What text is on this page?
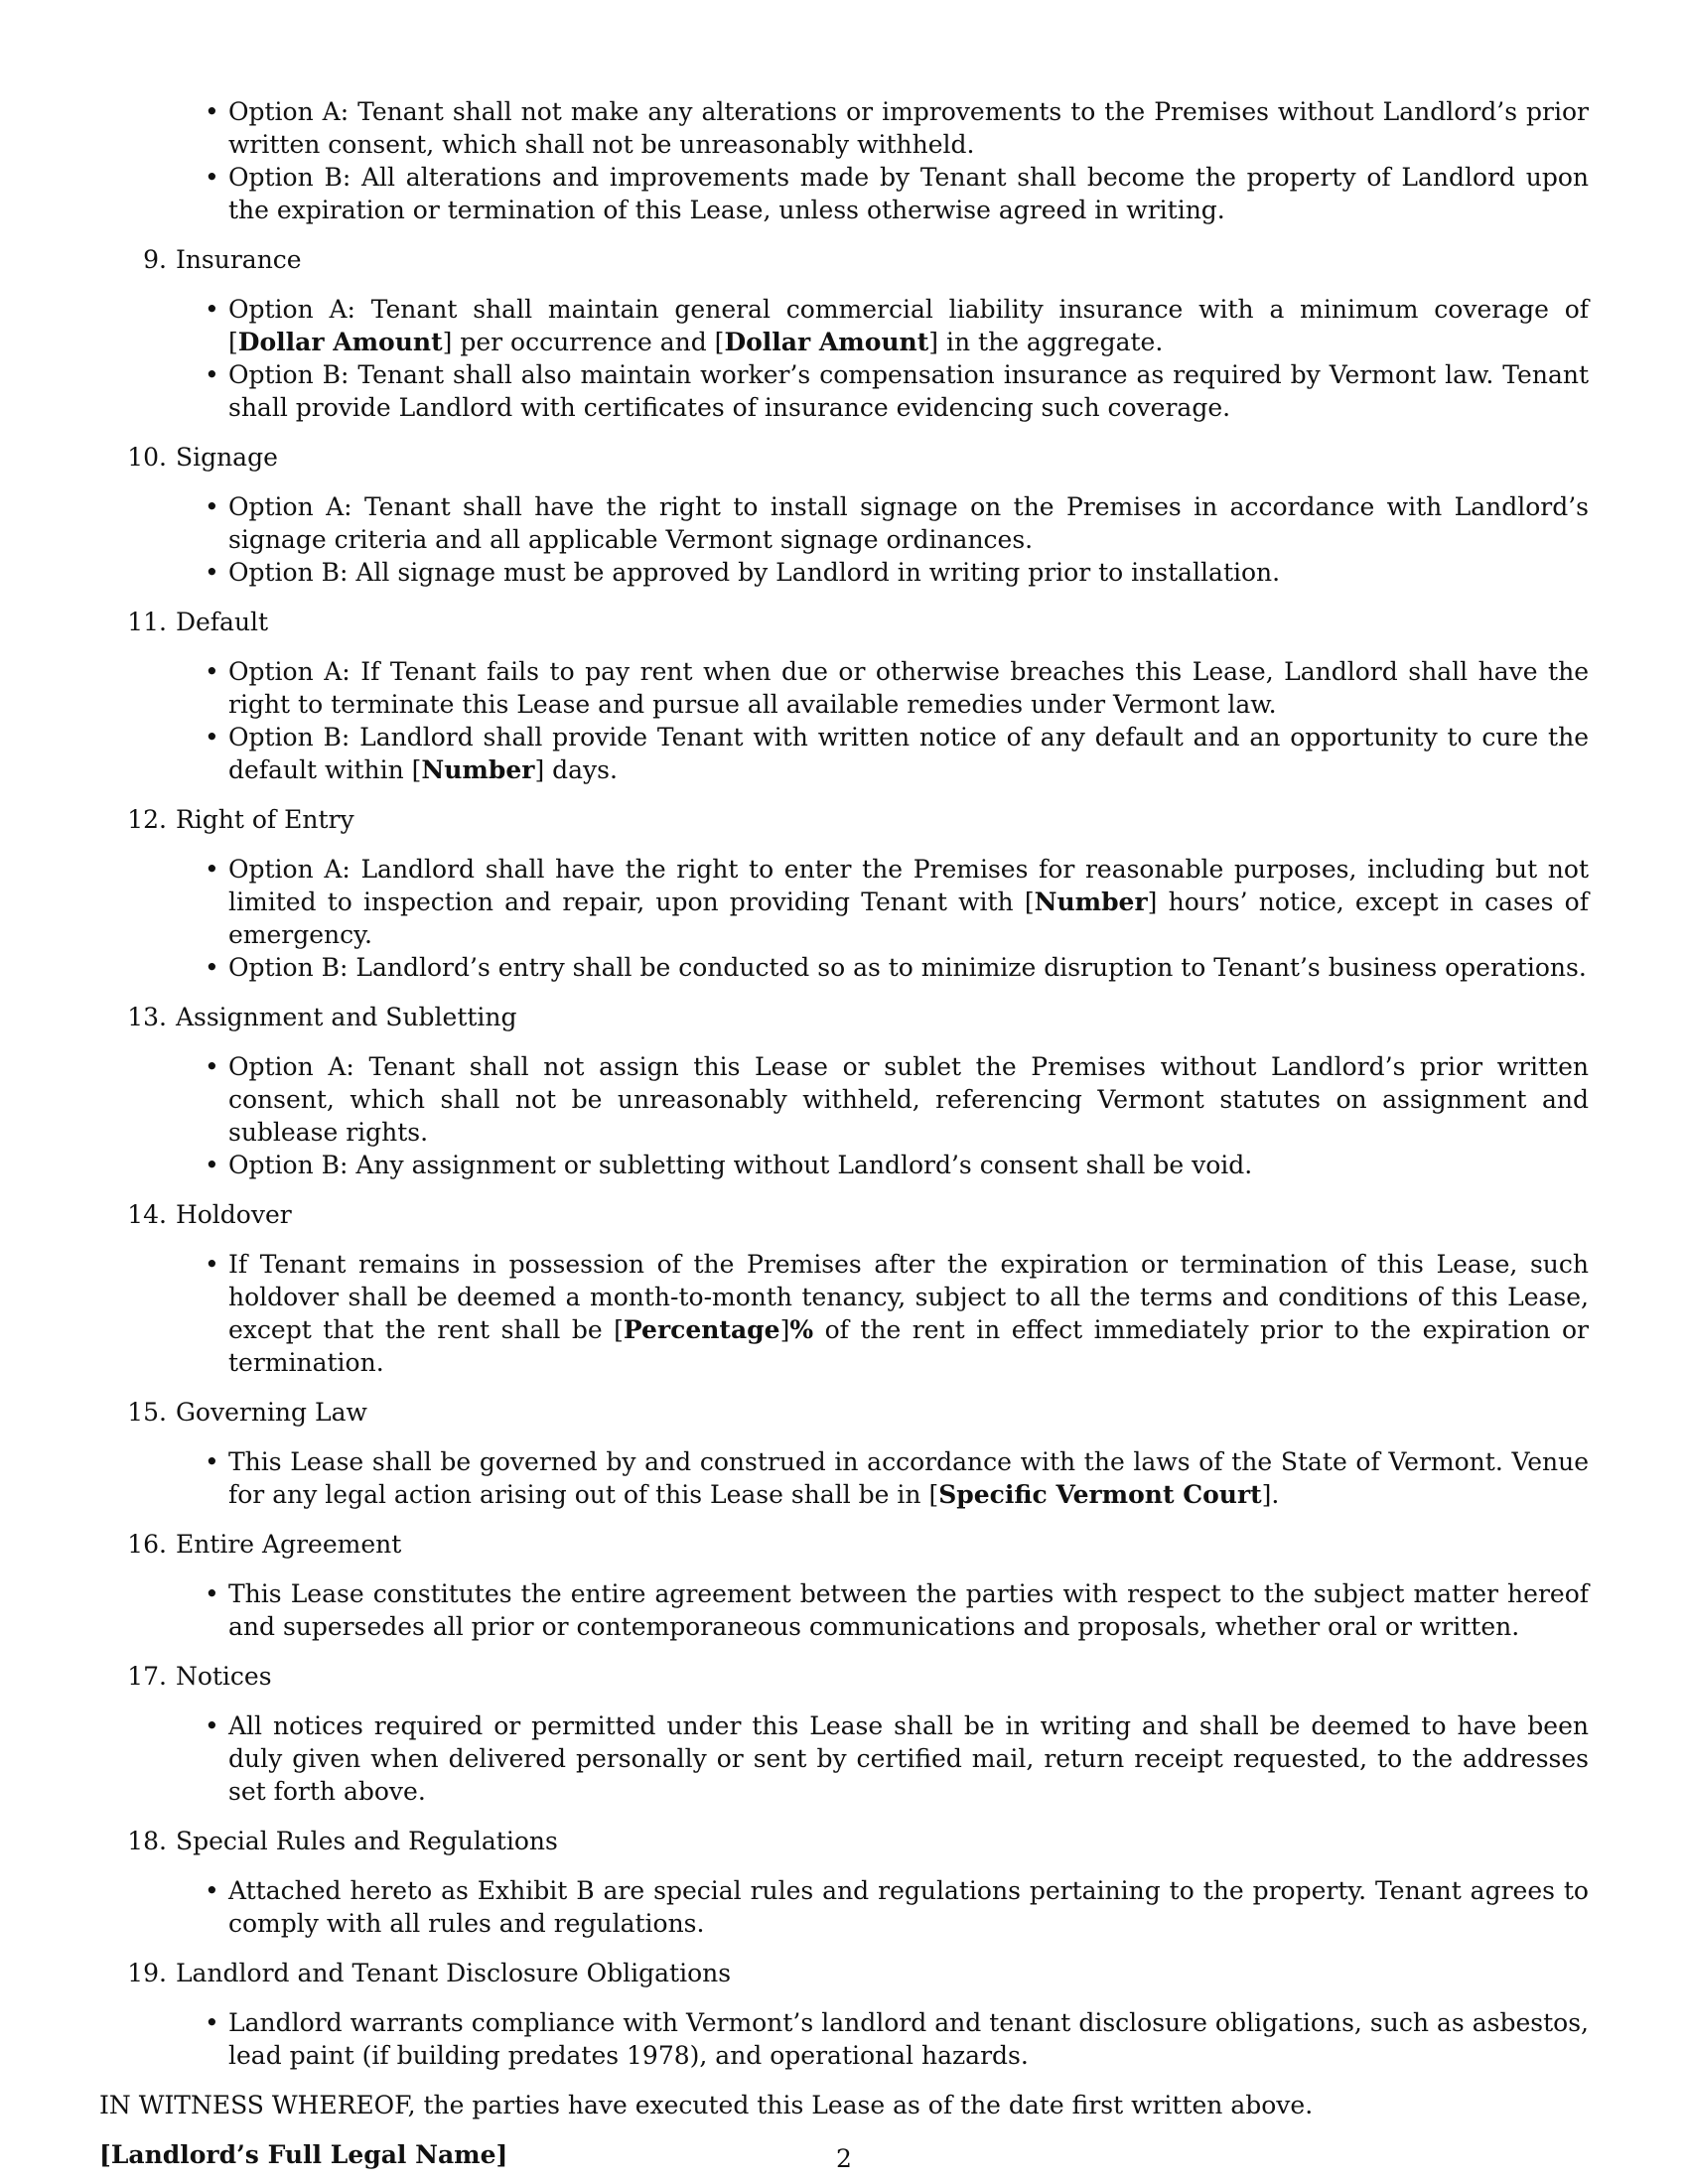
• Option A: Tenant shall not make any alterations or improvements to the Premises without Landlord’s prior written consent, which shall not be unreasonably withheld.
• Option B: All alterations and improvements made by Tenant shall become the property of Landlord upon the expiration or termination of this Lease, unless otherwise agreed in writing.
9. Insurance
• Option A: Tenant shall maintain general commercial liability insurance with a minimum coverage of [Dollar Amount] per occurrence and [Dollar Amount] in the aggregate.
• Option B: Tenant shall also maintain worker’s compensation insurance as required by Vermont law. Tenant shall provide Landlord with certificates of insurance evidencing such coverage.
10. Signage
• Option A: Tenant shall have the right to install signage on the Premises in accordance with Landlord’s signage criteria and all applicable Vermont signage ordinances.
• Option B: All signage must be approved by Landlord in writing prior to installation.
11. Default
• Option A: If Tenant fails to pay rent when due or otherwise breaches this Lease, Landlord shall have the right to terminate this Lease and pursue all available remedies under Vermont law.
• Option B: Landlord shall provide Tenant with written notice of any default and an opportunity to cure the default within [Number] days.
12. Right of Entry
• Option A: Landlord shall have the right to enter the Premises for reasonable purposes, including but not limited to inspection and repair, upon providing Tenant with [Number] hours’ notice, except in cases of emergency.
• Option B: Landlord’s entry shall be conducted so as to minimize disruption to Tenant’s business operations.
13. Assignment and Subletting
• Option A: Tenant shall not assign this Lease or sublet the Premises without Landlord’s prior written consent, which shall not be unreasonably withheld, referencing Vermont statutes on assignment and sublease rights.
• Option B: Any assignment or subletting without Landlord’s consent shall be void.
14. Holdover
• If Tenant remains in possession of the Premises after the expiration or termination of this Lease, such holdover shall be deemed a month-to-month tenancy, subject to all the terms and conditions of this Lease, except that the rent shall be [Percentage]% of the rent in effect immediately prior to the expiration or termination.
15. Governing Law
• This Lease shall be governed by and construed in accordance with the laws of the State of Vermont. Venue for any legal action arising out of this Lease shall be in [Specific Vermont Court].
16. Entire Agreement
• This Lease constitutes the entire agreement between the parties with respect to the subject matter hereof and supersedes all prior or contemporaneous communications and proposals, whether oral or written.
17. Notices
• All notices required or permitted under this Lease shall be in writing and shall be deemed to have been duly given when delivered personally or sent by certified mail, return receipt requested, to the addresses set forth above.
18. Special Rules and Regulations
• Attached hereto as Exhibit B are special rules and regulations pertaining to the property. Tenant agrees to comply with all rules and regulations.
19. Landlord and Tenant Disclosure Obligations
• Landlord warrants compliance with Vermont’s landlord and tenant disclosure obligations, such as asbestos, lead paint (if building predates 1978), and operational hazards.

IN WITNESS WHEREOF, the parties have executed this Lease as of the date first written above.

[Landlord’s Full Legal Name]	2
